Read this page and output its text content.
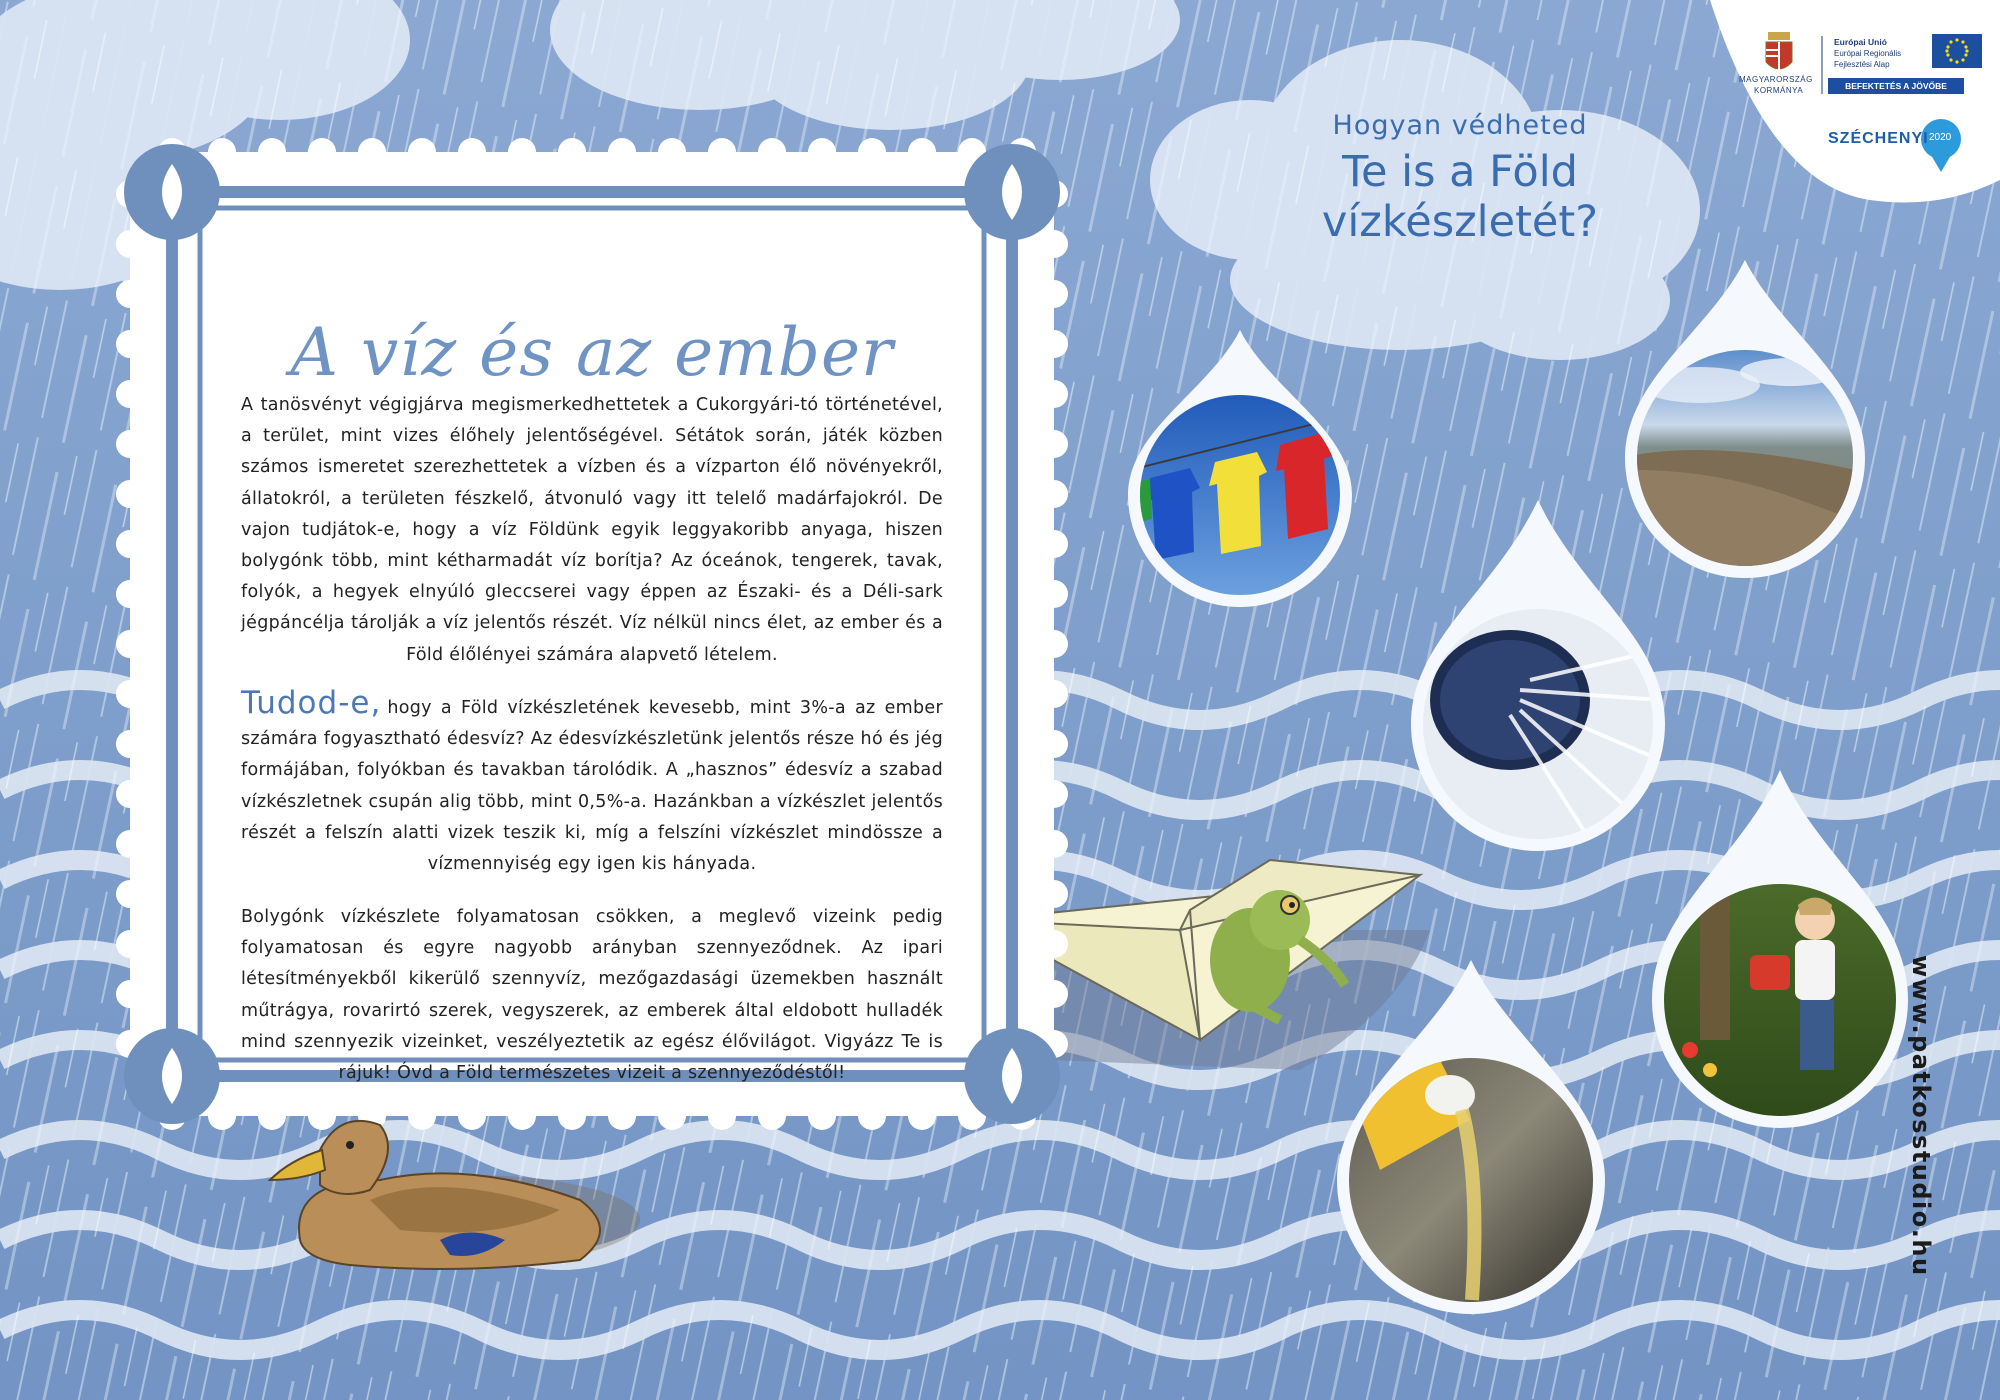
A víz és az ember

A tanösvényt végigjárva megismerkedhettetek a Cukorgyári-tó történetével, a terület, mint vizes élőhely jelentőségével. Sétátok során, játék közben számos ismeretet szerezhettetek a vízben és a vízparton élő növényekről, állatokról, a területen fészkelő, átvonuló vagy itt telelő madárfajokról. De vajon tudjátok-e, hogy a víz Földünk egyik leggyakoribb anyaga, hiszen bolygónk több, mint kétharmadát víz borítja? Az óceánok, tengerek, tavak, folyók, a hegyek elnyúló gleccserei vagy éppen az Északi- és a Déli-sark jégpáncélja tárolják a víz jelentős részét. Víz nélkül nincs élet, az ember és a Föld élőlényei számára alapvető lételem.

Tudod-e, hogy a Föld vízkészletének kevesebb, mint 3%-a az ember számára fogyasztható édesvíz? Az édesvízkészletünk jelentős része hó és jég formájában, folyókban és tavakban tárolódik. A „hasznos” édesvíz a szabad vízkészletnek csupán alig több, mint 0,5%-a. Hazánkban a vízkészlet jelentős részét a felszín alatti vizek teszik ki, míg a felszíni vízkészlet mindössze a vízmennyiség egy igen kis hányada.

Bolygónk vízkészlete folyamatosan csökken, a meglevő vizeink pedig folyamatosan és egyre nagyobb arányban szennyeződnek. Az ipari létesítményekből kikerülő szennyvíz, mezőgazdasági üzemekben használt műtrágya, rovarirtó szerek, vegyszerek, az emberek által eldobott hulladék mind szennyezik vizeinket, veszélyeztetik az egész élővilágot. Vigyázz Te is rájuk! Óvd a Föld természetes vizeit a szennyeződéstől!

Hogyan védheted
Te is a Föld
vízkészletét?

MAGYARORSZÁG

KORMÁNYA

Európai Unió

Európai Regionális

Fejlesztési Alap

BEFEKTETÉS A JÖVŐBE

SZÉCHENYI 2020

www.patkosstudio.hu
